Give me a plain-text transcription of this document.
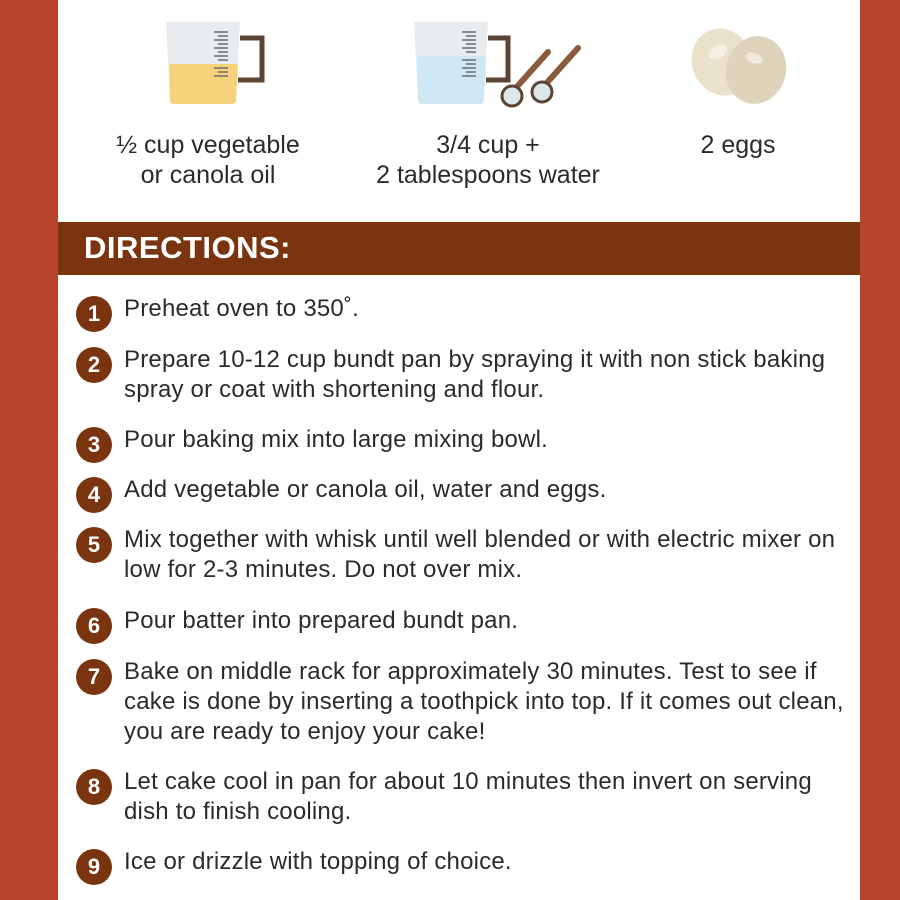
½ cup vegetable
or canola oil
3/4 cup +
2 tablespoons water
2 eggs
DIRECTIONS:
1 Preheat oven to 350˚.
2 Prepare 10-12 cup bundt pan by spraying it with non stick baking spray or coat with shortening and flour.
3 Pour baking mix into large mixing bowl.
4 Add vegetable or canola oil, water and eggs.
5 Mix together with whisk until well blended or with electric mixer on low for 2-3 minutes. Do not over mix.
6 Pour batter into prepared bundt pan.
7 Bake on middle rack for approximately 30 minutes. Test to see if cake is done by inserting a toothpick into top. If it comes out clean, you are ready to enjoy your cake!
8 Let cake cool in pan for about 10 minutes then invert on serving dish to finish cooling.
9 Ice or drizzle with topping of choice.
